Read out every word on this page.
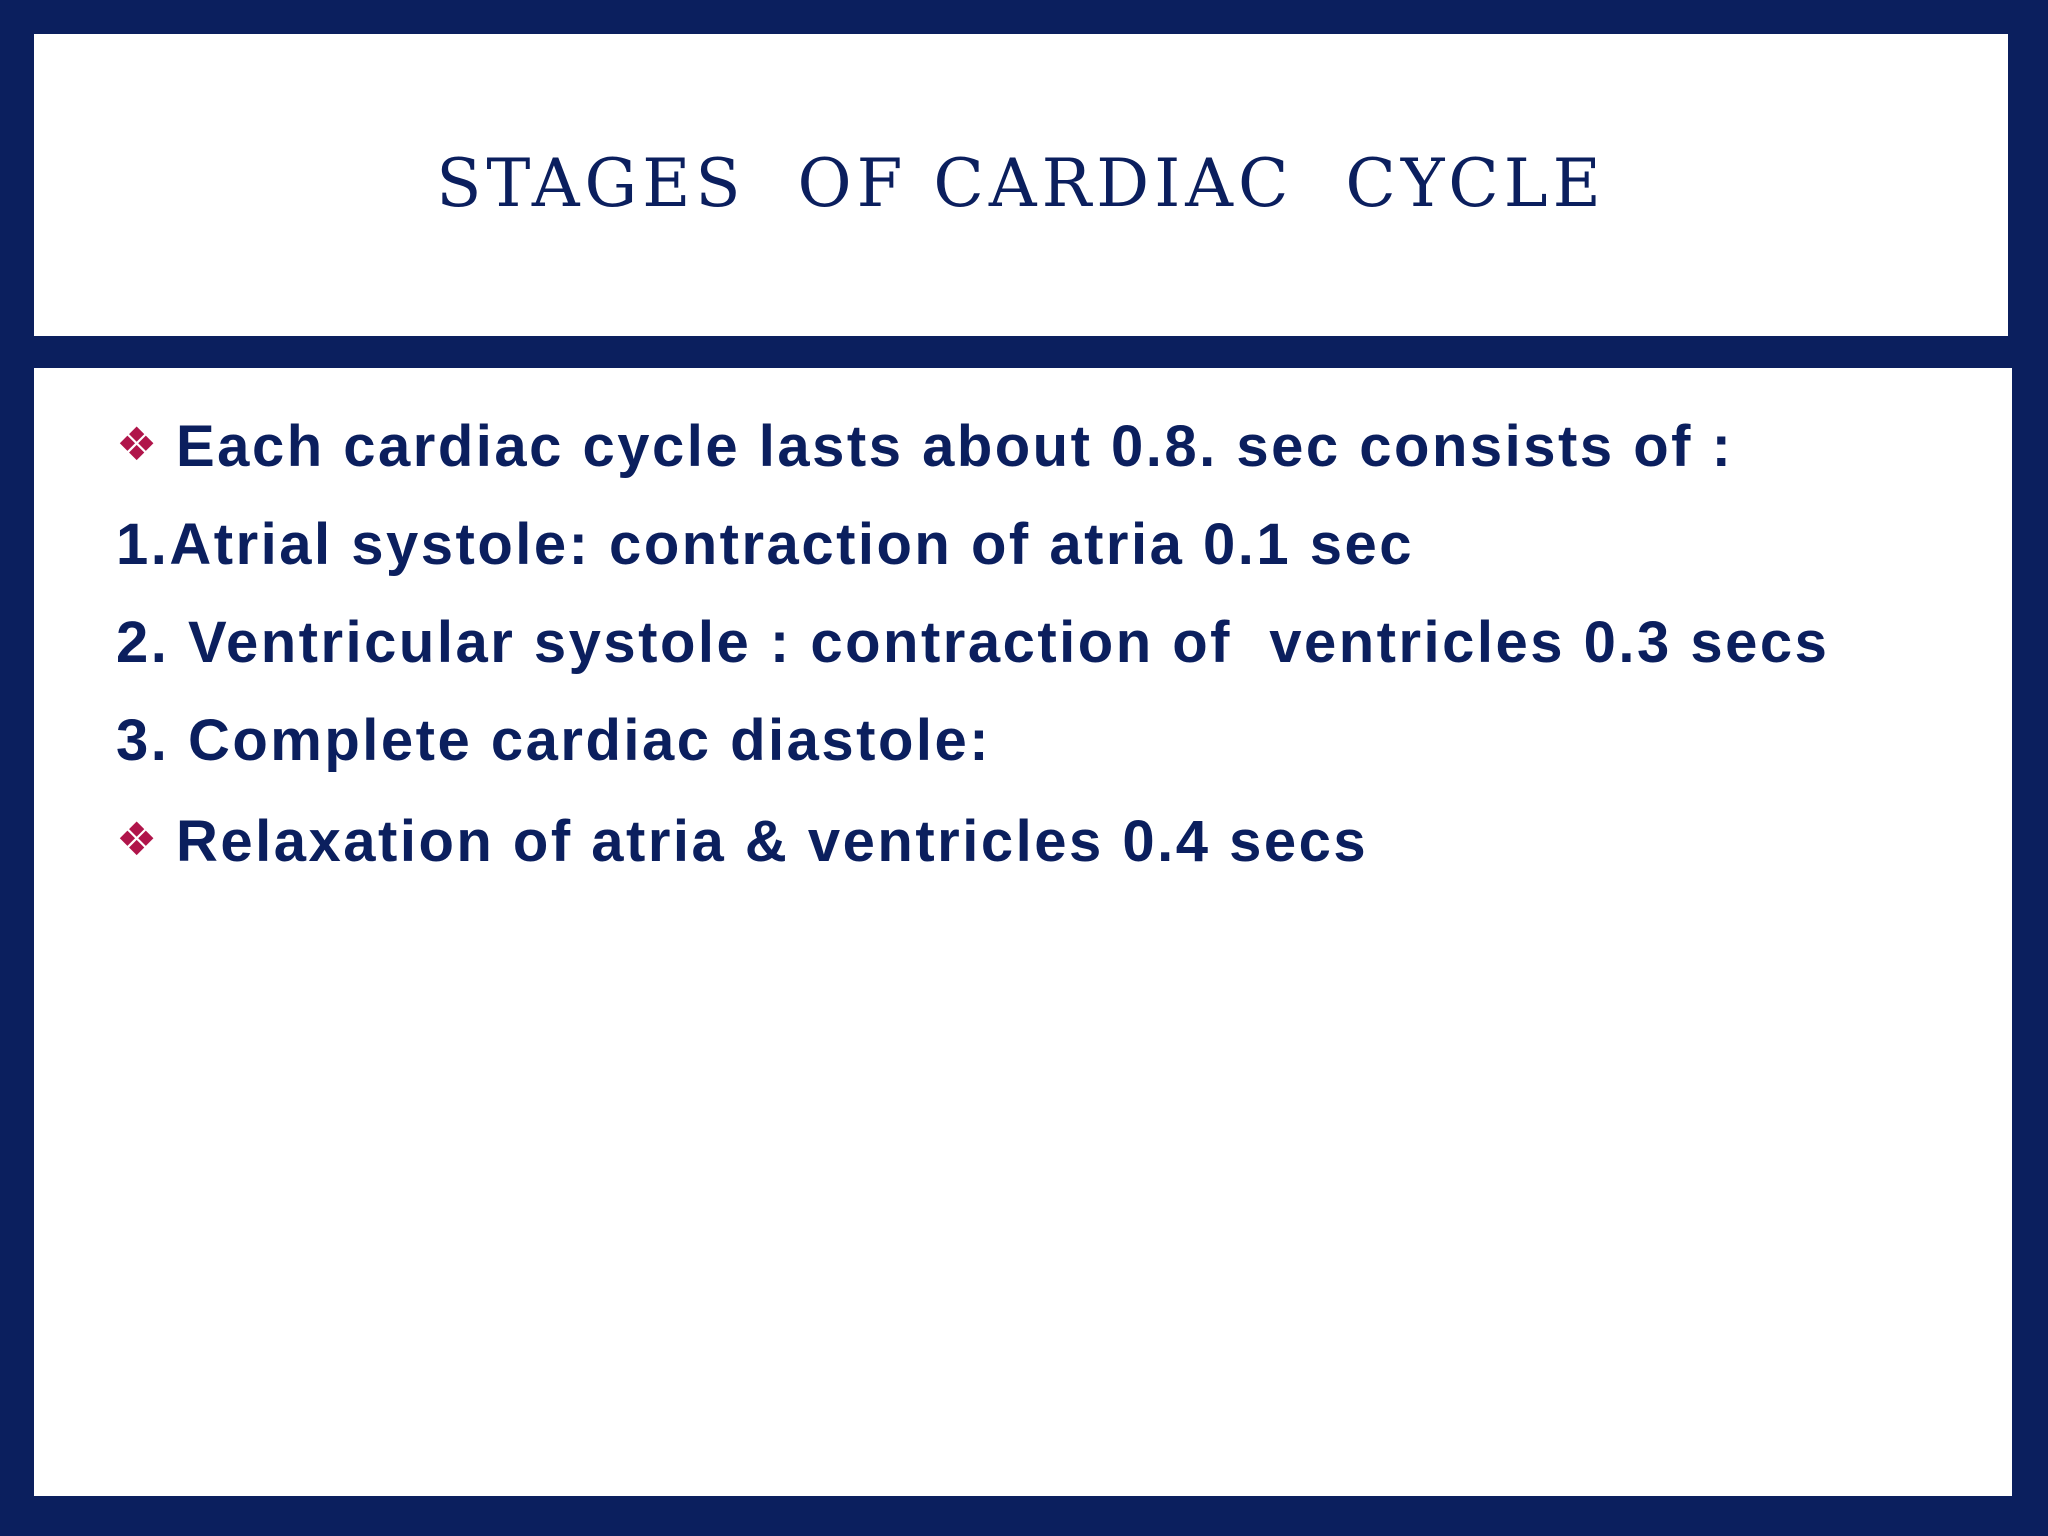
STAGES  OF CARDIAC  CYCLE
❖ Each cardiac cycle lasts about 0.8. sec consists of :
1.Atrial systole: contraction of atria 0.1 sec
2. Ventricular systole : contraction of  ventricles 0.3 secs
3. Complete cardiac diastole:
❖ Relaxation of atria & ventricles 0.4 secs
